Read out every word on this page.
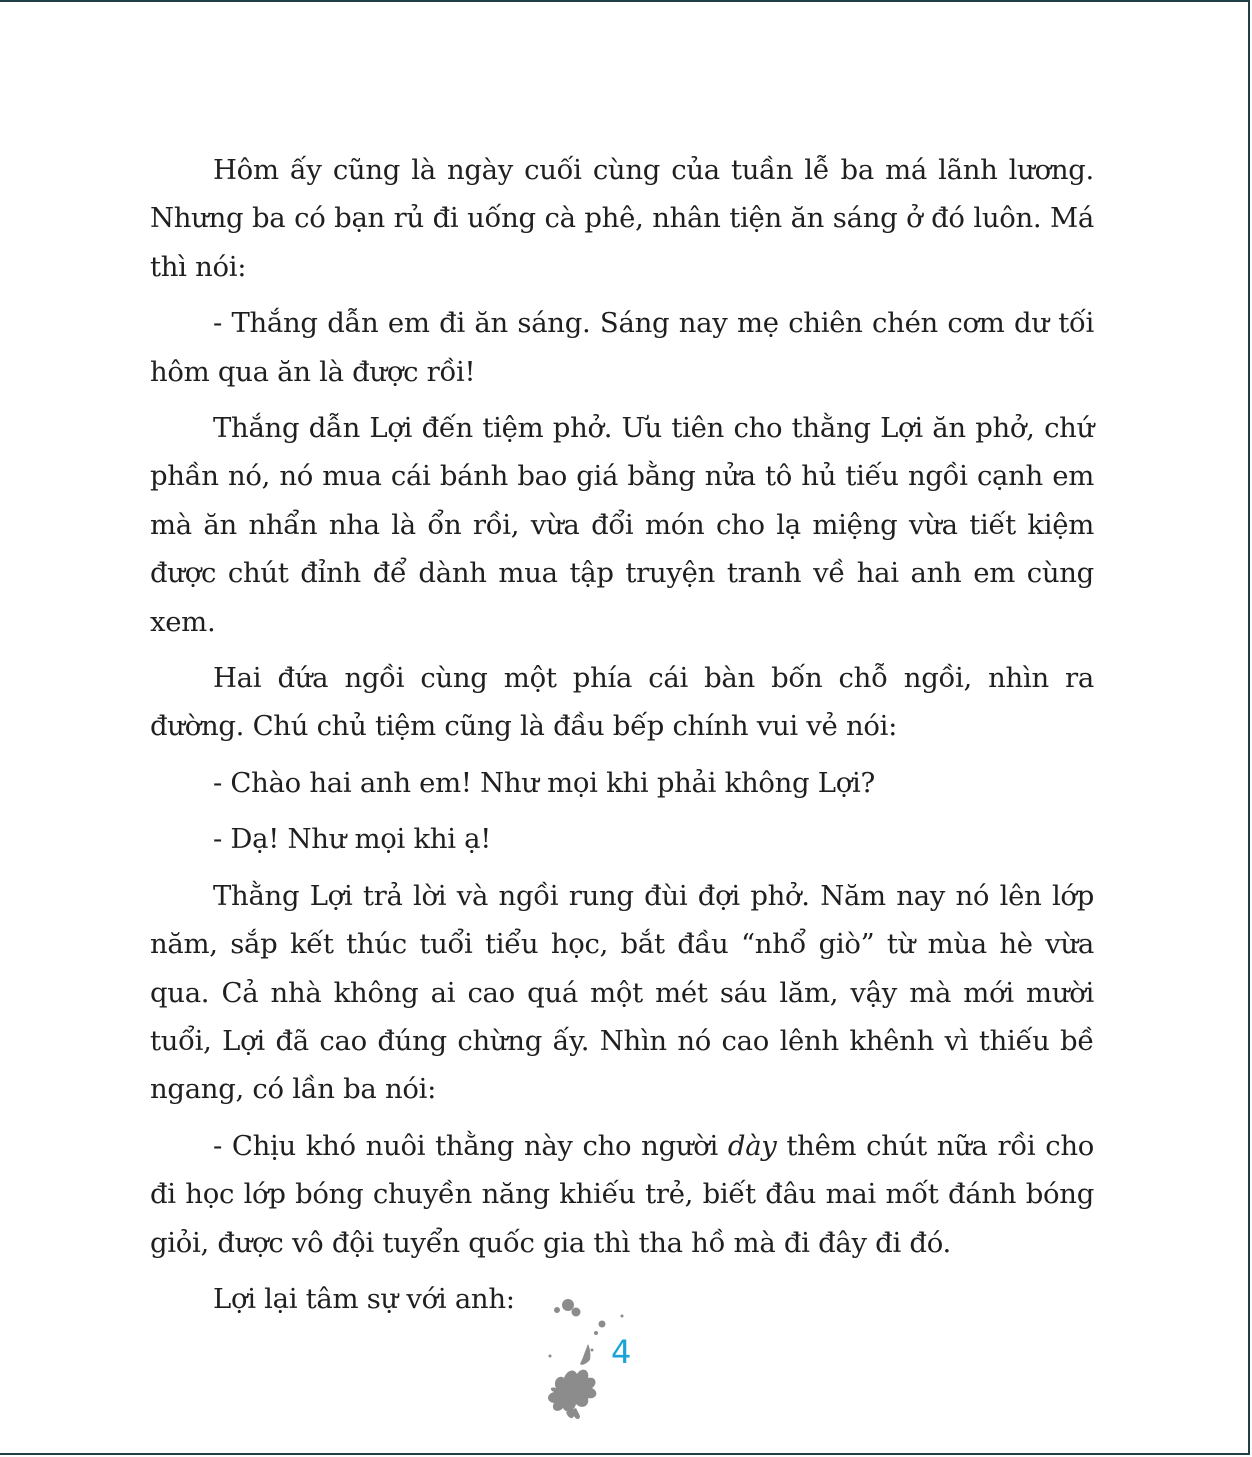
Hôm ấy cũng là ngày cuối cùng của tuần lễ ba má lãnh lương. Nhưng ba có bạn rủ đi uống cà phê, nhân tiện ăn sáng ở đó luôn. Má thì nói:

- Thắng dẫn em đi ăn sáng. Sáng nay mẹ chiên chén cơm dư tối hôm qua ăn là được rồi!

Thắng dẫn Lợi đến tiệm phở. Ưu tiên cho thằng Lợi ăn phở, chứ phần nó, nó mua cái bánh bao giá bằng nửa tô hủ tiếu ngồi cạnh em mà ăn nhẩn nha là ổn rồi, vừa đổi món cho lạ miệng vừa tiết kiệm được chút đỉnh để dành mua tập truyện tranh về hai anh em cùng xem.

Hai đứa ngồi cùng một phía cái bàn bốn chỗ ngồi, nhìn ra đường. Chú chủ tiệm cũng là đầu bếp chính vui vẻ nói:

- Chào hai anh em! Như mọi khi phải không Lợi?

- Dạ! Như mọi khi ạ!

Thằng Lợi trả lời và ngồi rung đùi đợi phở. Năm nay nó lên lớp năm, sắp kết thúc tuổi tiểu học, bắt đầu “nhổ giò” từ mùa hè vừa qua. Cả nhà không ai cao quá một mét sáu lăm, vậy mà mới mười tuổi, Lợi đã cao đúng chừng ấy. Nhìn nó cao lênh khênh vì thiếu bề ngang, có lần ba nói:

- Chịu khó nuôi thằng này cho người dày thêm chút nữa rồi cho đi học lớp bóng chuyền năng khiếu trẻ, biết đâu mai mốt đánh bóng giỏi, được vô đội tuyển quốc gia thì tha hồ mà đi đây đi đó.

Lợi lại tâm sự với anh:

4
